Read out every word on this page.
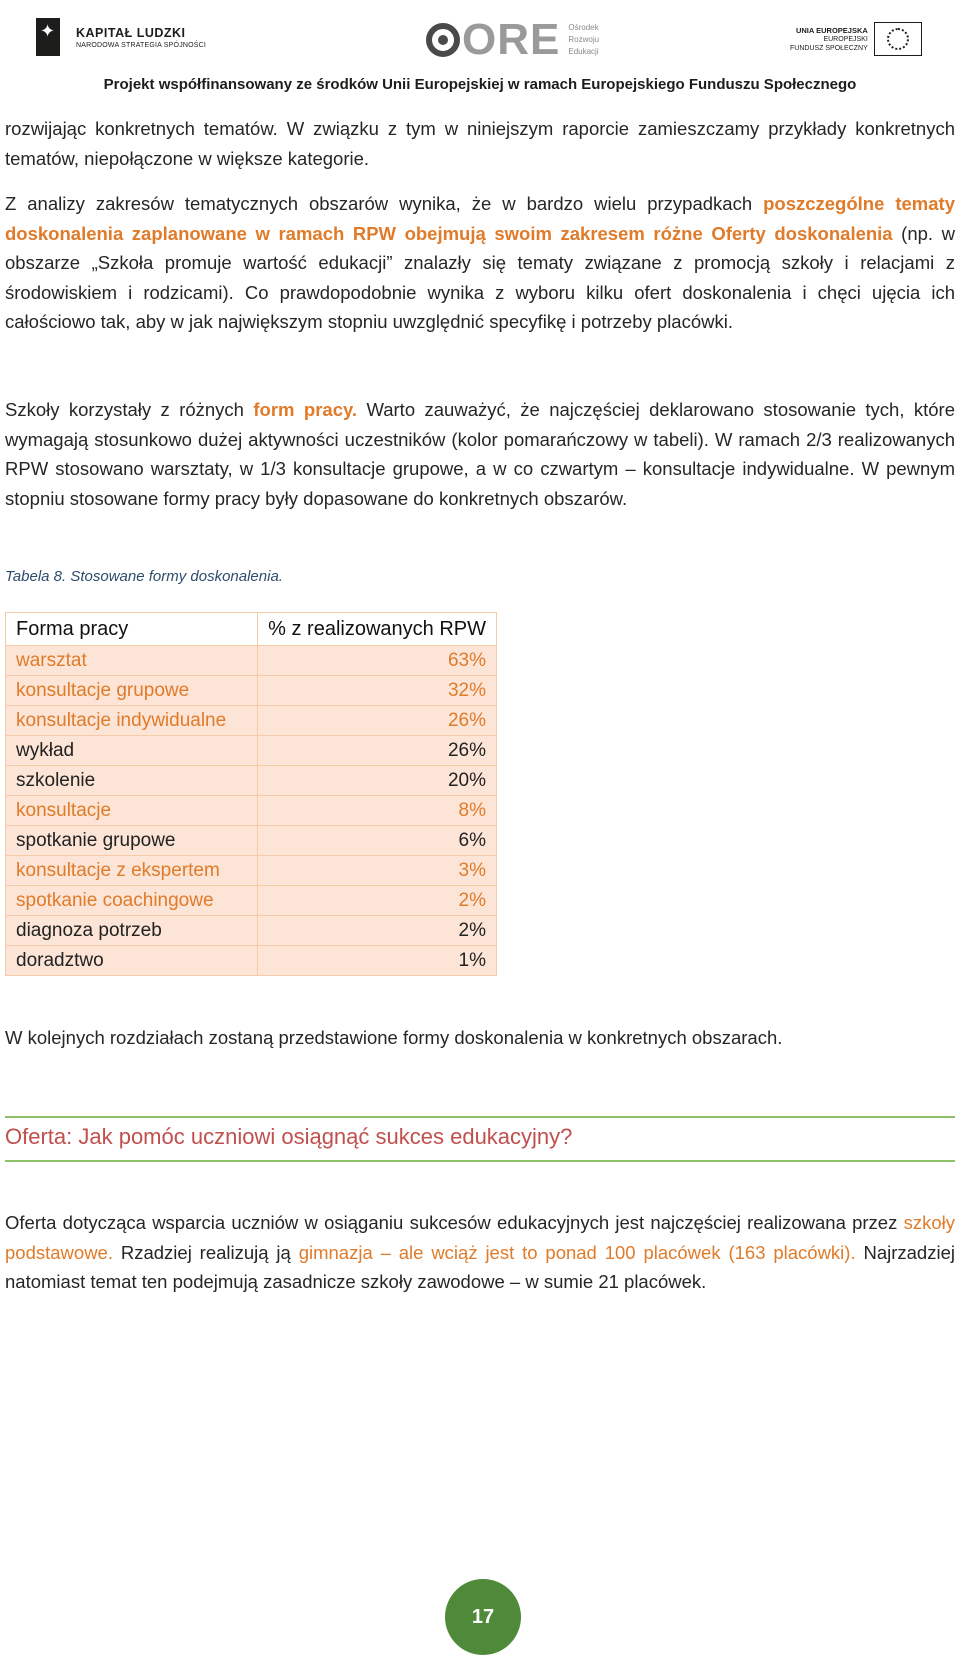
✦ KAPITAŁ LUDZKI
NARODOWA STRATEGIA SPÓJNOŚCI	ORE Ośrodek
Rozwoju
Edukacji
UNIA EUROPEJSKA
EUROPEJSKI
FUNDUSZ SPOŁECZNY
Projekt współfinansowany ze środków Unii Europejskiej w ramach Europejskiego Funduszu Społecznego
rozwijając konkretnych tematów. W związku z tym w niniejszym raporcie zamieszczamy przykłady konkretnych tematów, niepołączone w większe kategorie.
Z analizy zakresów tematycznych obszarów wynika, że w bardzo wielu przypadkach poszczególne tematy doskonalenia zaplanowane w ramach RPW obejmują swoim zakresem różne Oferty doskonalenia (np. w obszarze „Szkoła promuje wartość edukacji” znalazły się tematy związane z promocją szkoły i relacjami z środowiskiem i rodzicami). Co prawdopodobnie wynika z wyboru kilku ofert doskonalenia i chęci ujęcia ich całościowo tak, aby w jak największym stopniu uwzględnić specyfikę i potrzeby placówki.
Szkoły korzystały z różnych form pracy. Warto zauważyć, że najczęściej deklarowano stosowanie tych, które wymagają stosunkowo dużej aktywności uczestników (kolor pomarańczowy w tabeli). W ramach 2/3 realizowanych RPW stosowano warsztaty, w 1/3 konsultacje grupowe, a w co czwartym – konsultacje indywidualne. W pewnym stopniu stosowane formy pracy były dopasowane do konkretnych obszarów.
Tabela 8. Stosowane formy doskonalenia.
Forma pracy	% z realizowanych RPW
warsztat	63%
konsultacje grupowe	32%
konsultacje indywidualne	26%
wykład	26%
szkolenie	20%
konsultacje	8%
spotkanie grupowe	6%
konsultacje z ekspertem	3%
spotkanie coachingowe	2%
diagnoza potrzeb	2%
doradztwo	1%
W kolejnych rozdziałach zostaną przedstawione formy doskonalenia w konkretnych obszarach.
Oferta: Jak pomóc uczniowi osiągnąć sukces edukacyjny?
Oferta dotycząca wsparcia uczniów w osiąganiu sukcesów edukacyjnych jest najczęściej realizowana przez szkoły podstawowe. Rzadziej realizują ją gimnazja – ale wciąż jest to ponad 100 placówek (163 placówki). Najrzadziej natomiast temat ten podejmują zasadnicze szkoły zawodowe – w sumie 21 placówek.
17
